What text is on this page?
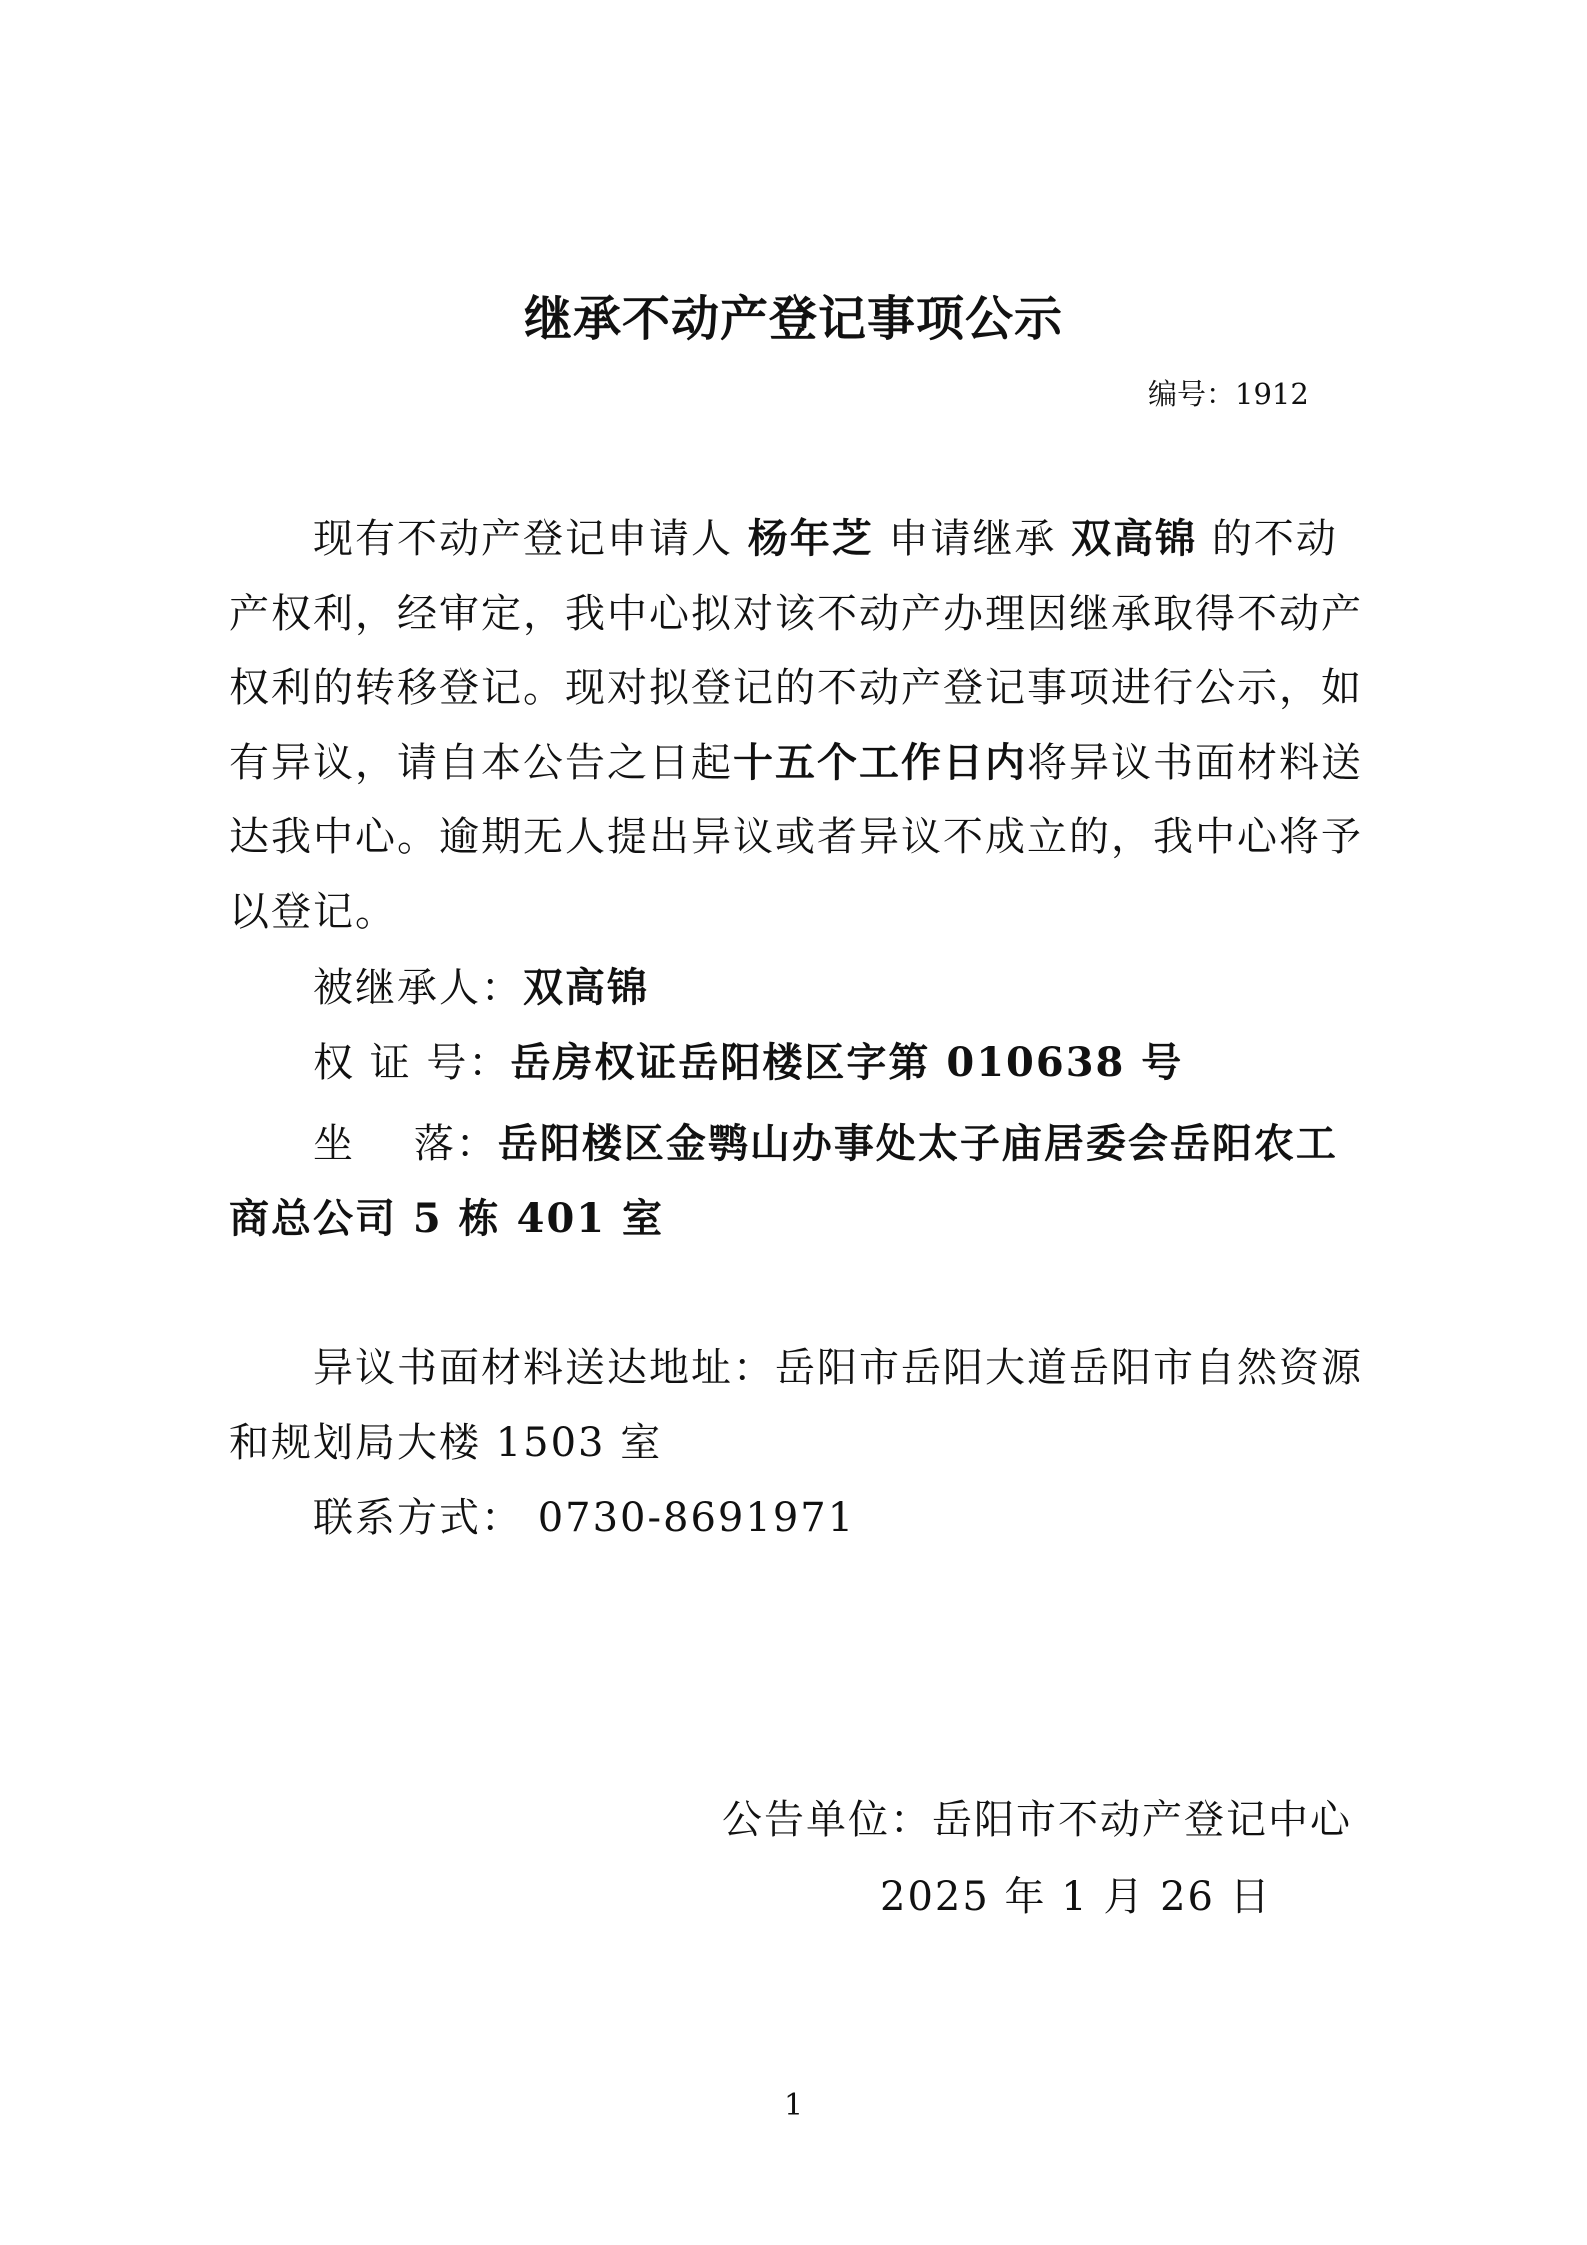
继承不动产登记事项公示
编号：1912

现有不动产登记申请人 杨年芝 申请继承 双高锦 的不动产权利，经审定，我中心拟对该不动产办理因继承取得不动产权利的转移登记。现对拟登记的不动产登记事项进行公示，如有异议，请自本公告之日起十五个工作日内将异议书面材料送达我中心。逾期无人提出异议或者异议不成立的，我中心将予以登记。

被继承人：双高锦
权 证 号：岳房权证岳阳楼区字第 010638 号
坐    落：岳阳楼区金鹗山办事处太子庙居委会岳阳农工
商总公司 5 栋 401 室
异议书面材料送达地址：岳阳市岳阳大道岳阳市自然资源
和规划局大楼 1503 室
联系方式： 0730-8691971
公告单位：岳阳市不动产登记中心
2025 年 1 月 26 日
1
